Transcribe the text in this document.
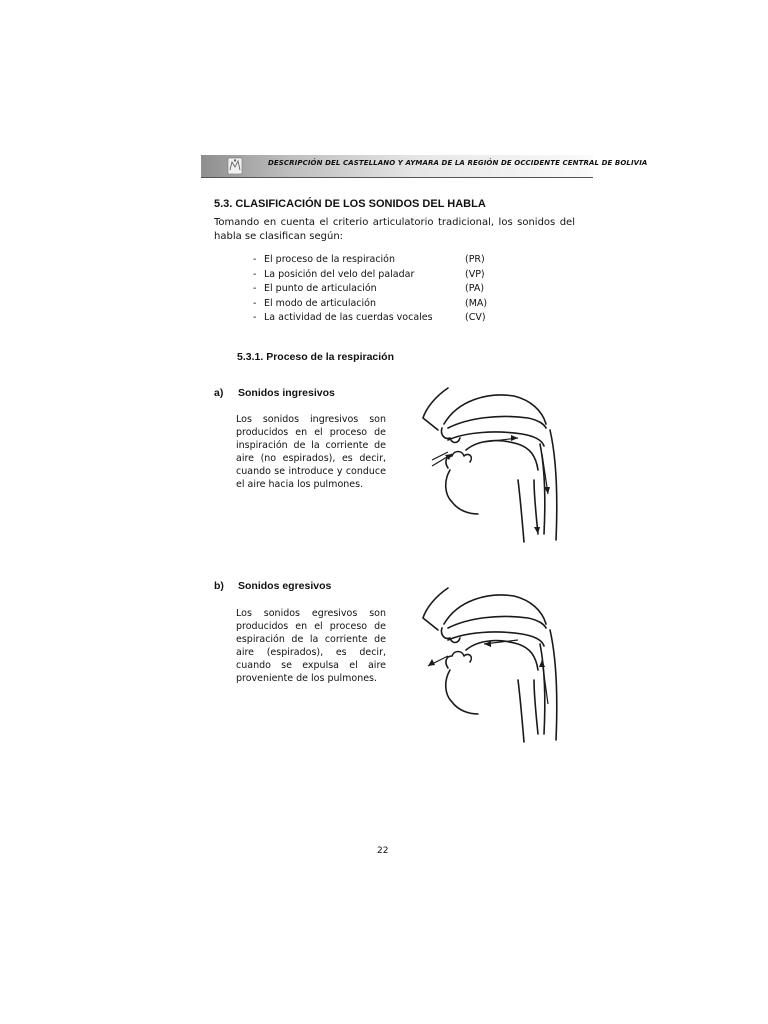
DESCRIPCIÓN DEL CASTELLANO Y AYMARA DE LA REGIÓN DE OCCIDENTE CENTRAL DE BOLIVIA
5.3. CLASIFICACIÓN DE LOS SONIDOS DEL HABLA
Tomando en cuenta el criterio articulatorio tradicional, los sonidos del habla se clasifican según:
- El proceso de la respiración	(PR)
- La posición del velo del paladar	(VP)
- El punto de articulación	(PA)
- El modo de articulación	(MA)
- La actividad de las cuerdas vocales	(CV)
5.3.1. Proceso de la respiración
a) Sonidos ingresivos
Los sonidos ingresivos son producidos en el proceso de inspiración de la corriente de aire (no espirados), es decir, cuando se introduce y conduce el aire hacia los pulmones.
b) Sonidos egresivos
Los sonidos egresivos son producidos en el proceso de espiración de la corriente de aire (espirados), es decir, cuando se expulsa el aire proveniente de los pulmones.
22
